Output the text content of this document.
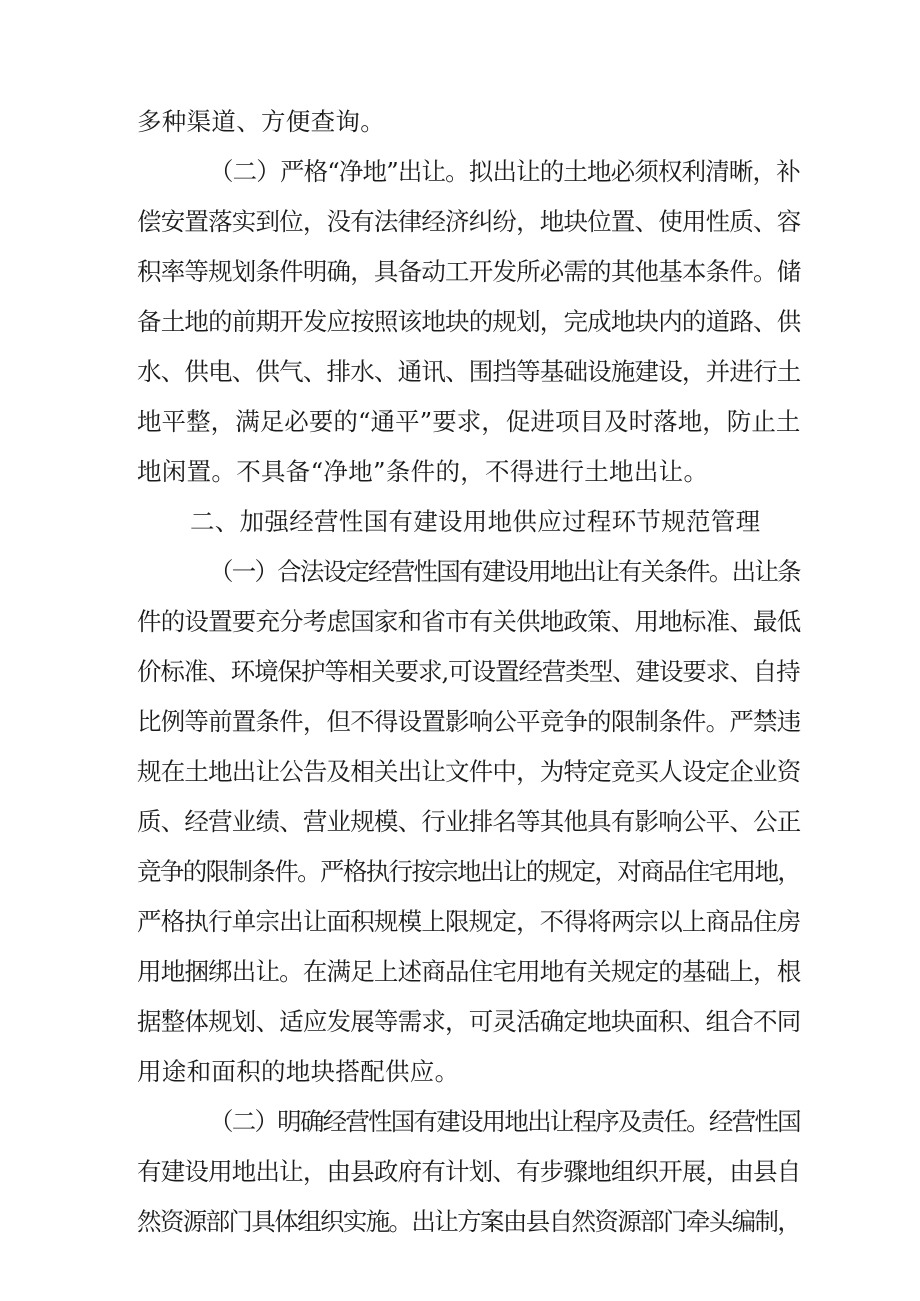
多种渠道、方便查询。
（二）严格“净地”出让。拟出让的土地必须权利清晰，补
偿安置落实到位，没有法律经济纠纷，地块位置、使用性质、容
积率等规划条件明确，具备动工开发所必需的其他基本条件。储
备土地的前期开发应按照该地块的规划，完成地块内的道路、供
水、供电、供气、排水、通讯、围挡等基础设施建设，并进行土
地平整，满足必要的“通平”要求，促进项目及时落地，防止土
地闲置。不具备“净地”条件的，不得进行土地出让。
二、加强经营性国有建设用地供应过程环节规范管理
（一）合法设定经营性国有建设用地出让有关条件。出让条
件的设置要充分考虑国家和省市有关供地政策、用地标准、最低
价标准、环境保护等相关要求,可设置经营类型、建设要求、自持
比例等前置条件，但不得设置影响公平竞争的限制条件。严禁违
规在土地出让公告及相关出让文件中，为特定竞买人设定企业资
质、经营业绩、营业规模、行业排名等其他具有影响公平、公正
竞争的限制条件。严格执行按宗地出让的规定，对商品住宅用地，
严格执行单宗出让面积规模上限规定，不得将两宗以上商品住房
用地捆绑出让。在满足上述商品住宅用地有关规定的基础上，根
据整体规划、适应发展等需求，可灵活确定地块面积、组合不同
用途和面积的地块搭配供应。
（二）明确经营性国有建设用地出让程序及责任。经营性国
有建设用地出让，由县政府有计划、有步骤地组织开展，由县自
然资源部门具体组织实施。出让方案由县自然资源部门牵头编制，
